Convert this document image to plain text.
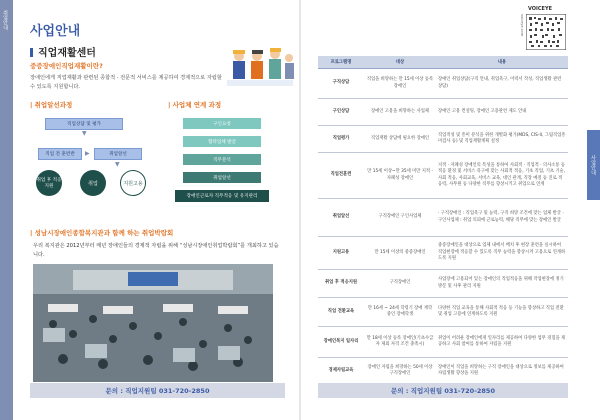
취업안내
사업안내
직업재활센터
중증장애인직업재활이란?
장애인에게 직업재활과 관련된 종합적 · 전문적 서비스를 제공하여 경제적으로 자립할 수 있도록 지원합니다.
| 취업알선과정
직업상담 및 평가
▼
직업 전 훈련반	▶	취업알선
▼
취업 후 적응지원	취업	지원고용
| 사업체 연계 과정
구인요청
협력업체 발굴
직무분석
취업알선
장애인근로자 직무적응 및 유지관리
| 성남시장애인종합복지관과 함께 하는 취업박람회
우리 복지관은 2012년부터 매년 장애인들의 경제적 자립을 위해 “성남시장애인취업박람회”를 개최하고 있습니다.
문의 : 직업지원팀 031-720-2850
사업안내
VOICEYE
voiceye.com
프로그램명	대상	내용
구직상담	직업을 희망하는 만 15세 이상 등록장애인	장애인 취업상담(구직 안내, 취업욕구, 이력서 작성, 직업생활 관련 상담)
구인상담	장애인 고용을 희망하는 사업체	장애인 고용 컨설팅, 장애인 고용관련 제도 안내
직업평가	직업재활 상담에 필요한 장애인	직업적성 및 흥미 분석을 위한 개별화 평가(MDS, CIS-II, 그림직업흥미검사 등) 및 직업재활계획 설정
직업전훈련	만 15세 이상~만 35세 미만 지적 · 자폐성 장애인	지적 · 자폐성 장애인의 특성을 통하여 사회적 · 직업적 · 의사소통 등 적응 환경 및 서비스 욕구에 맞는 사회적 적응, 기초 직업, 기초 기술, 사회 적응, 사회교육, 서비스 교육, 대인 관계, 직장 예절 등 진로 적응력, 사무원 등 다양한 직무를 향상시키고 취업으로 연계
취업알선	구직장애인 구인사업체	· 구직장애인 : 직업욕구 및 능력, 구직 희망 조건에 맞는 업체 발굴 · 구인사업체 : 취업 의뢰에 근로능력, 해당 직무에 맞는 장애인 발굴
지원고용	만 15세 이상의 중증장애인	중증장애인을 대상으로 업체 내에서 배치 후 현장 훈련을 실시하여 직업현장에 적응할 수 있도록 직무 능력을 향상시켜 고용으로 연계하도록 지원
취업 후 적응지원	구직장애인	사업장에 고용되어 있는 장애인의 직업적응을 위해 작업현장에 정기 방문 및 사후 관리 지원
직업 전환교육	만 16세 ~ 24세 학령기 장애 재학 중인 장애학생	다양한 직업 교육을 통해 사회적 적응 등 기능을 향상하고 직업 전환 및 취업 고용에 연계하도록 지원
장애인복지 일자리	만 18세 이상 등록 장애인(기초수급자 제외 자격 조건 충족시)	취업이 어려운 장애인에게 일자리를 제공하여 다양한 업무 경험을 제공하고 사회 참여를 통하여 자립을 지원
경제자립교육	장애인 자립을 희망하는 50세 이상 구직장애인	장애인이 직업을 희망하는 구직 장애인을 대상으로 정보를 제공하여 자립생활 향상을 지원
문의 : 직업지원팀 031-720-2850
